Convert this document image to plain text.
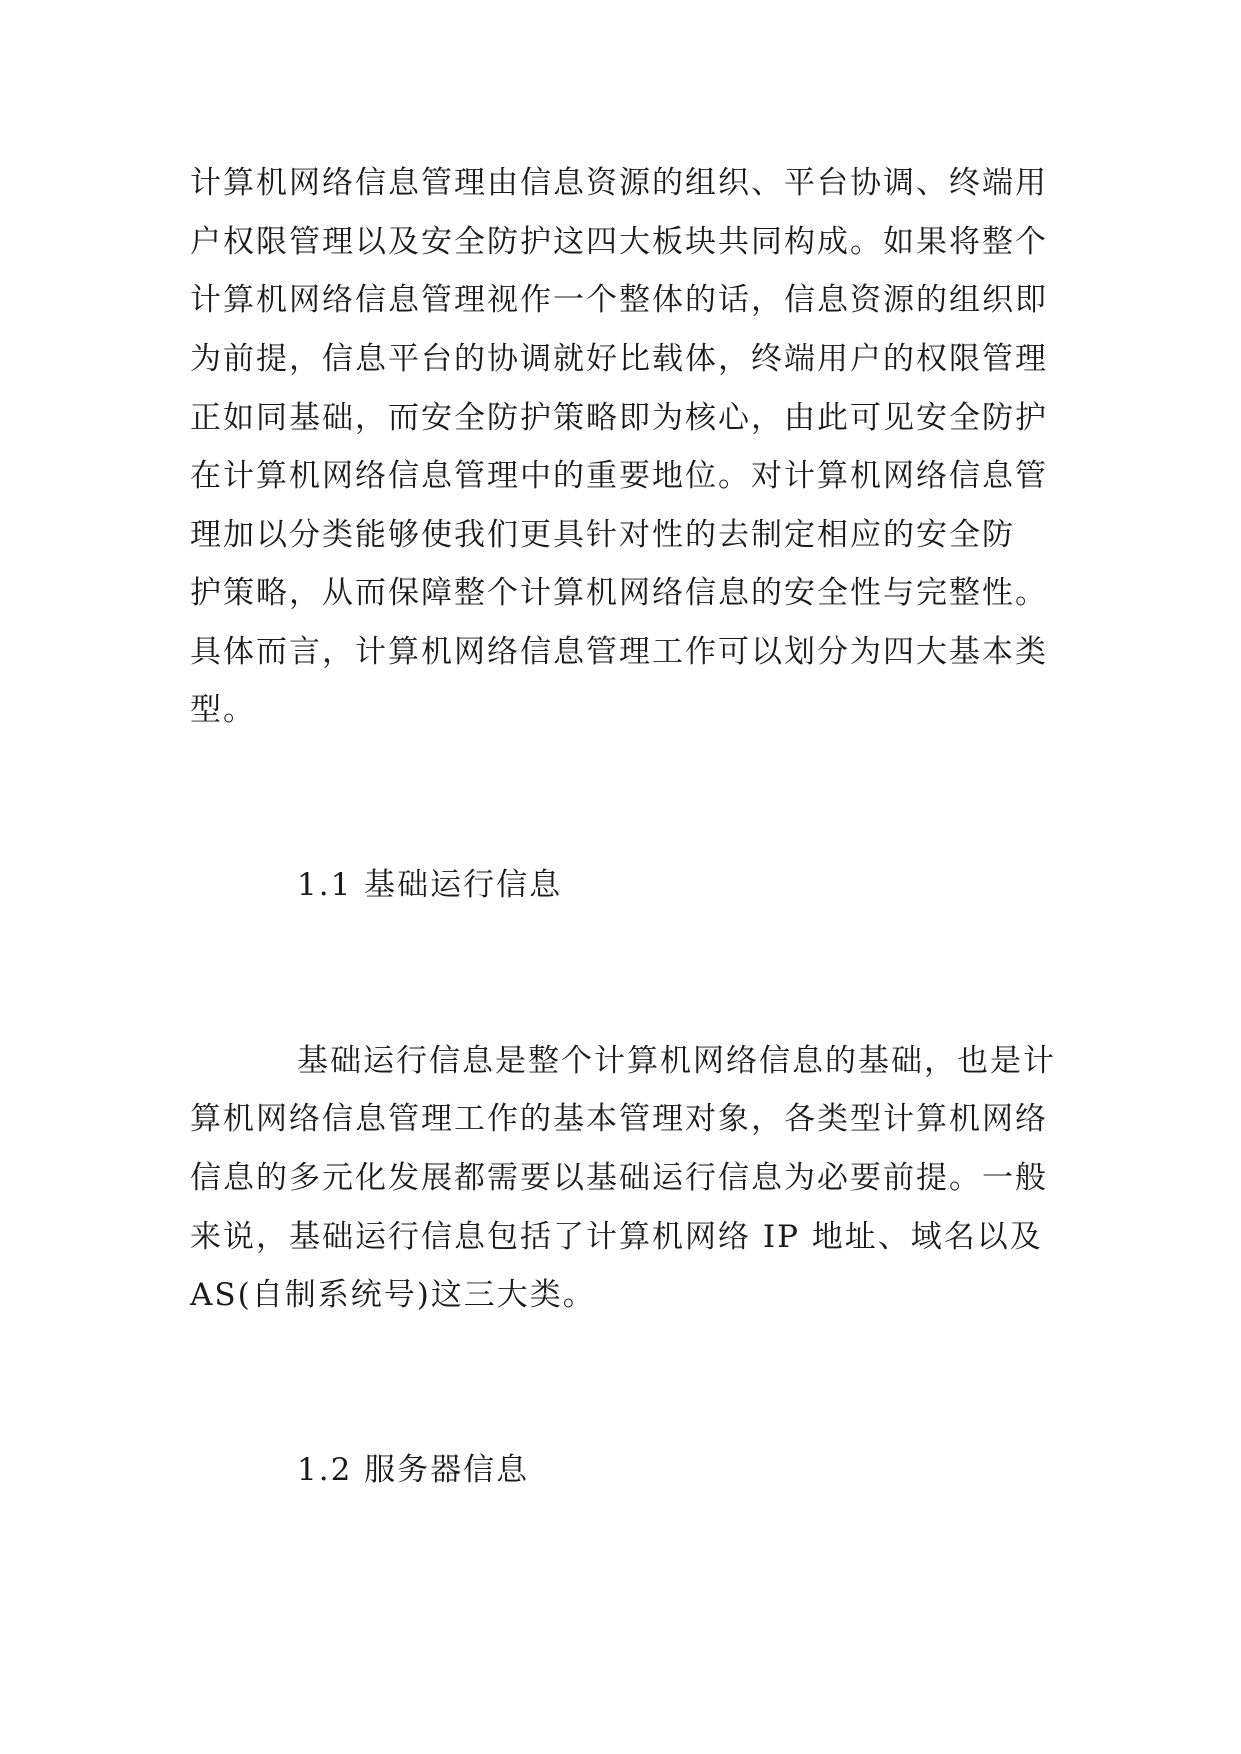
计算机网络信息管理由信息资源的组织、平台协调、终端用
户权限管理以及安全防护这四大板块共同构成。如果将整个
计算机网络信息管理视作一个整体的话，信息资源的组织即
为前提，信息平台的协调就好比载体，终端用户的权限管理
正如同基础，而安全防护策略即为核心，由此可见安全防护
在计算机网络信息管理中的重要地位。对计算机网络信息管
理加以分类能够使我们更具针对性的去制定相应的安全防
护策略，从而保障整个计算机网络信息的安全性与完整性。
具体而言，计算机网络信息管理工作可以划分为四大基本类
型。
1.1 基础运行信息
基础运行信息是整个计算机网络信息的基础，也是计
算机网络信息管理工作的基本管理对象，各类型计算机网络
信息的多元化发展都需要以基础运行信息为必要前提。一般
来说，基础运行信息包括了计算机网络 IP 地址、域名以及
AS(自制系统号)这三大类。
1.2 服务器信息
